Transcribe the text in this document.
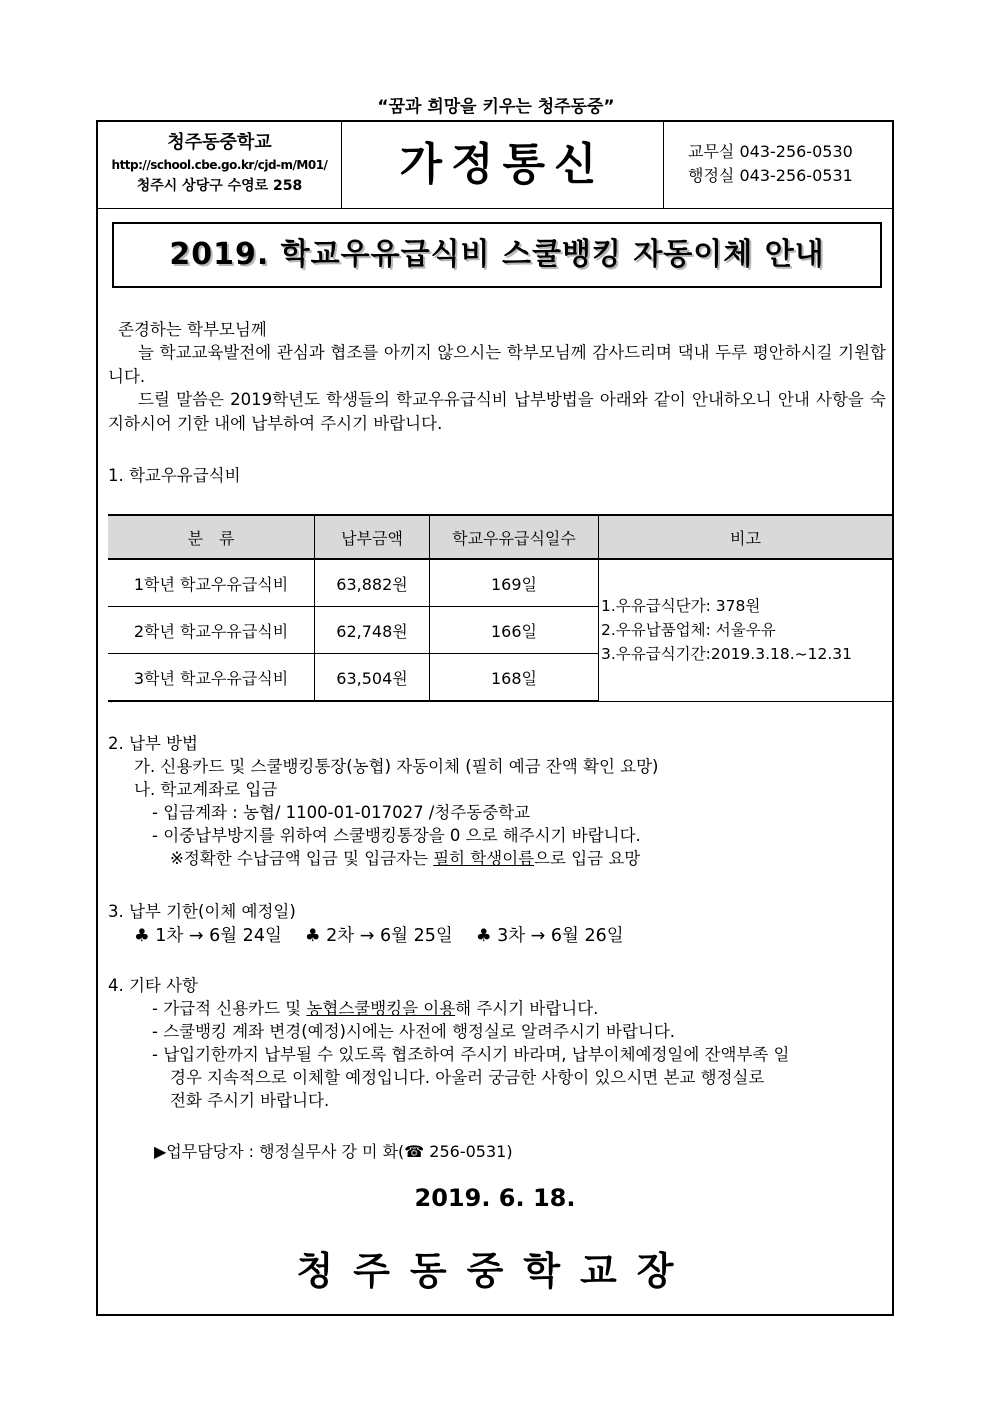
“꿈과 희망을 키우는 청주동중”
청주동중학교
http://school.cbe.go.kr/cjd-m/M01/
청주시 상당구 수영로 258	가정통신	교무실 043-256-0530
행정실 043-256-0531
2019. 학교우유급식비 스쿨뱅킹 자동이체 안내

존경하는 학부모님께

늘 학교교육발전에 관심과 협조를 아끼지 않으시는 학부모님께 감사드리며 댁내 두루 평안하시길 기원합니다.

드릴 말씀은 2019학년도 학생들의 학교우유급식비 납부방법을 아래와 같이 안내하오니 안내 사항을 숙지하시어 기한 내에 납부하여 주시기 바랍니다.

1. 학교우유급식비

분　류	납부금액	학교우유급식일수	비고
1학년 학교우유급식비	63,882원	169일	1.우유급식단가: 378원
2.우유납품업체: 서울우유
3.우유급식기간:2019.3.18.~12.31

2학년 학교우유급식비	62,748원	166일	
3학년 학교우유급식비	63,504원	168일	
`

2. 납부 방법

가. 신용카드 및 스쿨뱅킹통장(농협) 자동이체 (필히 예금 잔액 확인 요망)

나. 학교계좌로 입금

- 입금계좌 : 농협/ 1100-01-017027 /청주동중학교

- 이중납부방지를 위하여 스쿨뱅킹통장을 0 으로 해주시기 바랍니다.

※정확한 수납금액 입금 및 입금자는 필히 학생이름으로 입금 요망

3. 납부 기한(이체 예정일)

♣ 1차 → 6월 24일　 ♣ 2차 → 6월 25일　 ♣ 3차 → 6월 26일

4. 기타 사항

- 가급적 신용카드 및 농협스쿨뱅킹을 이용해 주시기 바랍니다.

- 스쿨뱅킹 계좌 변경(예정)시에는 사전에 행정실로 알려주시기 바랍니다.

- 납입기한까지 납부될 수 있도록 협조하여 주시기 바라며, 납부이체예정일에 잔액부족 일

경우 지속적으로 이체할 예정입니다. 아울러 궁금한 사항이 있으시면 본교 행정실로

전화 주시기 바랍니다.

▶업무담당자 : 행정실무사 강 미 화(☎ 256-0531)
2019. 6. 18.
청주동중학교장
